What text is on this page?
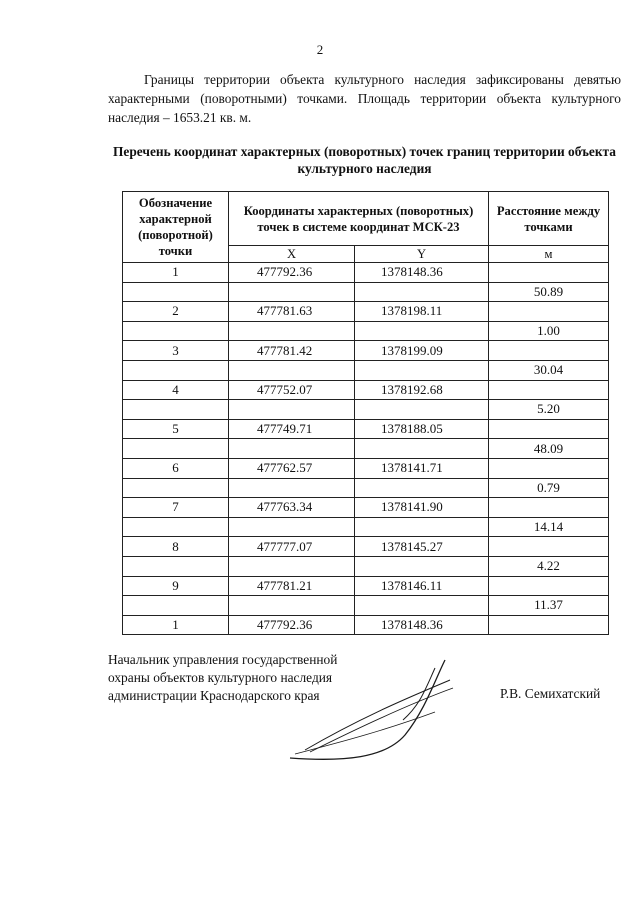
2

Границы территории объекта культурного наследия зафиксированы девятью характерными (поворотными) точками. Площадь территории объекта культурного наследия – 1653.21 кв. м.

Перечень координат характерных (поворотных) точек границ территории объекта культурного наследия
Обозначение характерной (поворотной) точки	Координаты характерных (поворотных) точек в системе координат МСК-23		Расстояние между точками
	X	Y	м
1	477792.36	1378148.36	
			50.89
2	477781.63	1378198.11	
			1.00
3	477781.42	1378199.09	
			30.04
4	477752.07	1378192.68	
			5.20
5	477749.71	1378188.05	
			48.09
6	477762.57	1378141.71	
			0.79
7	477763.34	1378141.90	
			14.14
8	477777.07	1378145.27	
			4.22
9	477781.21	1378146.11	
			11.37
1	477792.36	1378148.36	
Начальник управления государственной
охраны объектов культурного наследия
администрации Краснодарского края	Р.В. Семихатский
